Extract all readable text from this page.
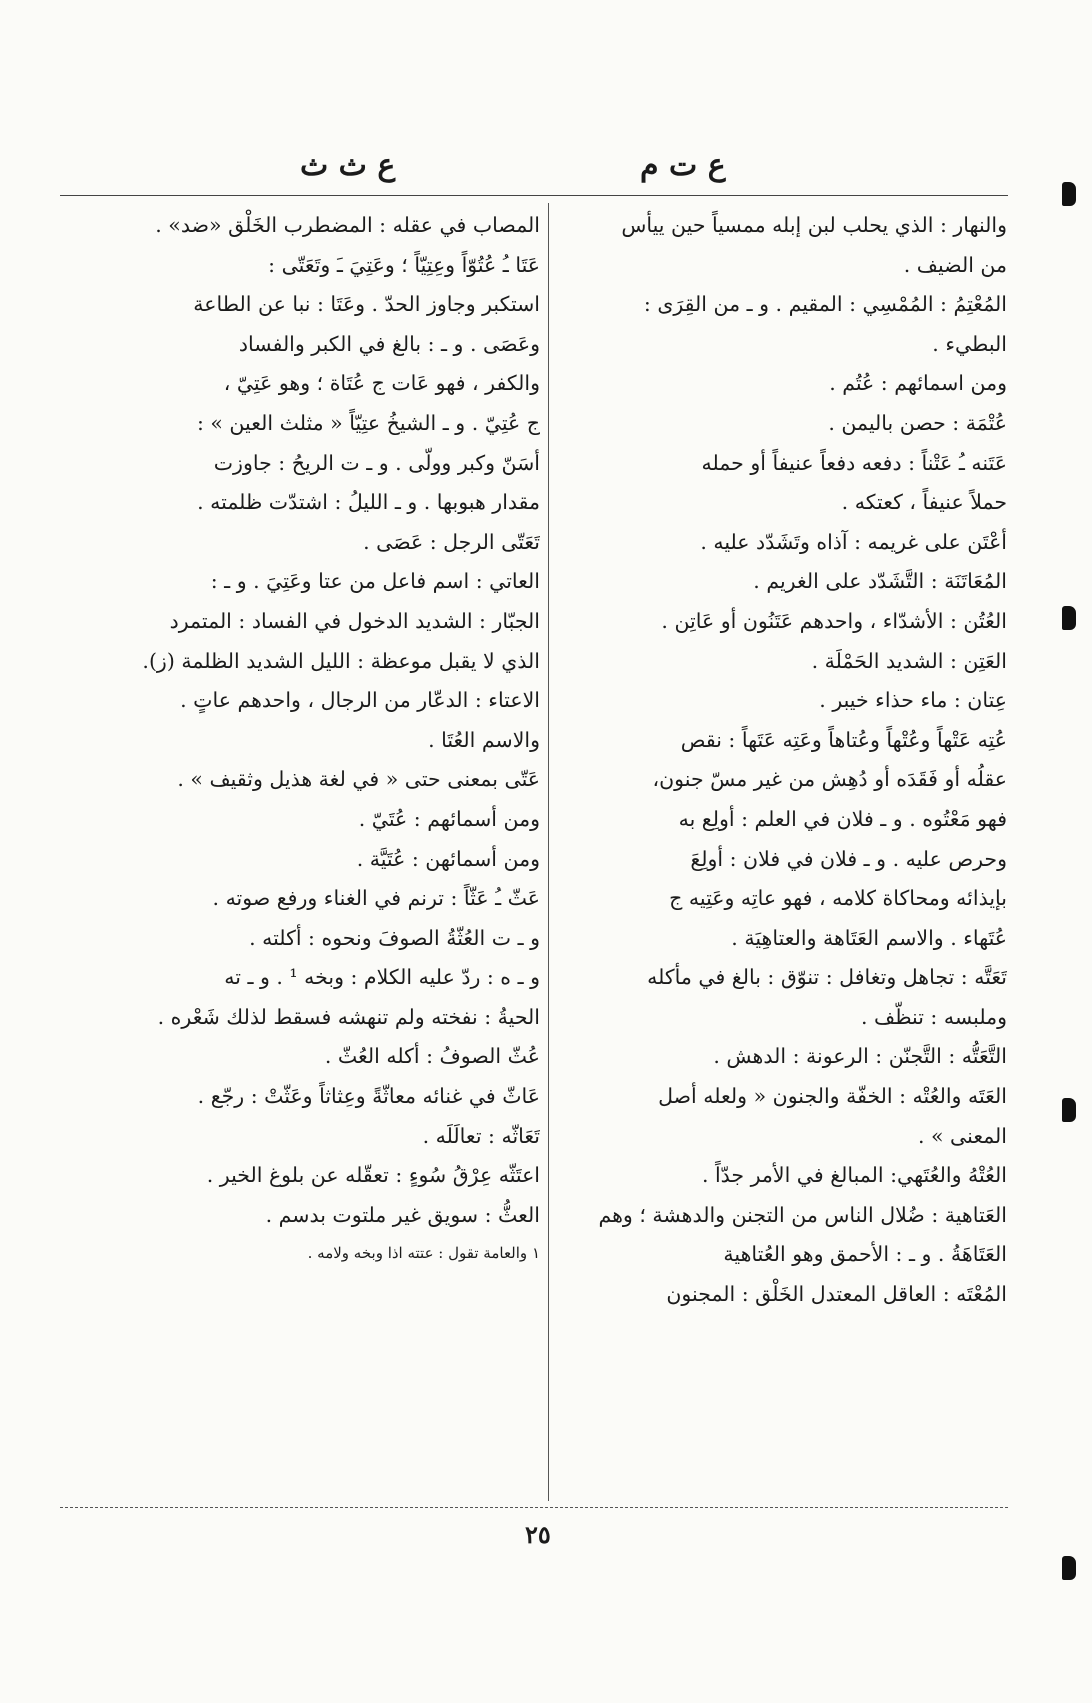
ع ت م
ع ث ث
والنهار : الذي يحلب لبن إبله ممسياً حين ييأس
من الضيف .
المُعْتِمُ : المُمْسِي : المقيم . و ـ من القِرَى :
البطيء .
ومن اسمائهم : عُتُم .
عُتْمَة : حصن باليمن .
عَتَنه ـُ عَتْناً : دفعه دفعاً عنيفاً أو حمله
حملاً عنيفاً ، كعتكه .
أعْتَن على غريمه : آذاه وتَشَدّد عليه .
المُعَاتَنَة : التَّشَدّد على الغريم .
العُتُن : الأشدّاء ، واحدهم عَتَنُون أو عَاتِن .
العَتِن : الشديد الحَمْلَة .
عِتان : ماء حذاء خيبر .
عُتِه عَتْهاً وعُتْهاً وعُتاهاً وعَتِه عَتَهاً : نقص
عقلُه أو فَقَدَه أو دُهِش من غير مسّ جنون،
فهو مَعْتُوه . و ـ فلان في العلم : أولِع به
وحرص عليه . و ـ فلان في فلان : أولِعَ
بإيذائه ومحاكاة كلامه ، فهو عاتِه وعَتِيه ج
عُتَهاء . والاسم العَتَاهة والعتاهِيَة .
تَعَتَّه : تجاهل وتغافل : تنوّق : بالغ في مأكله
وملبسه : تنظّف .
التَّعَتُّه : التَّجنّن : الرعونة : الدهش .
العَتَه والعُتْه : الخفّة والجنون « ولعله أصل
المعنى » .
العُتْهُ والعُتَهي: المبالغ في الأمر جدّاً .
العَتاهية : ضُلال الناس من التجنن والدهشة ؛ وهم
العَتَاهَةُ . و ـ : الأحمق وهو العُتاهية
المُعْتَه : العاقل المعتدل الخَلْق : المجنون
المصاب في عقله : المضطرب الخَلْق «ضد» .
عَتَا ـُ عُتُوّاً وعِتِيّاً ؛ وعَتِيَ ـَ وتَعَتّى :
استكبر وجاوز الحدّ . وعَتَا : نبا عن الطاعة
وعَصَى . و ـ : بالغ في الكبر والفساد
والكفر ، فهو عَات ج عُتَاة ؛ وهو عَتِيّ ،
ج عُتِيّ . و ـ الشيخُ عتِيّاً « مثلث العين » :
أسَنّ وكبر وولّى . و ـ ت الريحُ : جاوزت
مقدار هبوبها . و ـ الليلُ : اشتدّت ظلمته .
تَعَتّى الرجل : عَصَى .
العاتي : اسم فاعل من عتا وعَتِيَ . و ـ :
الجبّار : الشديد الدخول في الفساد : المتمرد
الذي لا يقبل موعظة : الليل الشديد الظلمة (ز).
الاعتاء : الدعّار من الرجال ، واحدهم عاتٍ .
والاسم العُتَا .
عَتّى بمعنى حتى « في لغة هذيل وثقيف » .
ومن أسمائهم : عُتَيّ .
ومن أسمائهن : عُتَيَّة .
عَثّ ـُ عَثّاً : ترنم في الغناء ورفع صوته .
و ـ ت العُثّةُ الصوفَ ونحوه : أكلته .
و ـ ه : ردّ عليه الكلام : وبخه ¹ . و ـ ته
الحيةُ : نفخته ولم تنهشه فسقط لذلك شَعْره .
عُثّ الصوفُ : أكله العُثّ .
عَاثّ في غنائه معاثّةً وعِثاثاً وعَثّتْ : رجّع .
تَعَاثّه : تعالَلَه .
اعتَثّه عِرْقُ سُوءٍ : تعقّله عن بلوغ الخير .
العثُّ : سويق غير ملتوت بدسم .
١ والعامة تقول : عتته اذا وبخه ولامه .
٢٥
